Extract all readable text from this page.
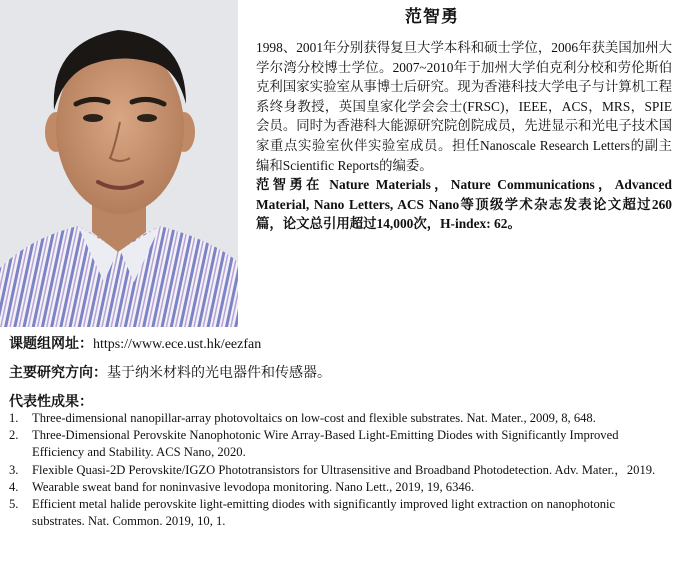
范智勇

1998、2001年分别获得复旦大学本科和硕士学位，2006年获美国加州大学尔湾分校博士学位。2007~2010年于加州大学伯克利分校和劳伦斯伯克利国家实验室从事博士后研究。现为香港科技大学电子与计算机工程系终身教授，英国皇家化学会会士(FRSC)，IEEE，ACS，MRS，SPIE会员。同时为香港科大能源研究院创院成员，先进显示和光电子技术国家重点实验室伙伴实验室成员。担任Nanoscale Research Letters的副主编和Scientific Reports的编委。

范智勇在 Nature Materials，Nature Communications，Advanced Material, Nano Letters, ACS Nano等顶级学术杂志发表论文超过260篇，论文总引用超过14,000次，H-index: 62。

课题组网址：https://www.ece.ust.hk/eezfan
主要研究方向：基于纳米材料的光电器件和传感器。
代表性成果：
1. Three-dimensional nanopillar-array photovoltaics on low-cost and flexible substrates. Nat. Mater., 2009, 8, 648.
2. Three-Dimensional Perovskite Nanophotonic Wire Array-Based Light-Emitting Diodes with Significantly Improved Efficiency and Stability. ACS Nano, 2020.
3. Flexible Quasi-2D Perovskite/IGZO Phototransistors for Ultrasensitive and Broadband Photodetection. Adv. Mater.，2019.
4. Wearable sweat band for noninvasive levodopa monitoring. Nano Lett., 2019, 19, 6346.
5. Efficient metal halide perovskite light-emitting diodes with significantly improved light extraction on nanophotonic substrates. Nat. Common. 2019, 10, 1.
